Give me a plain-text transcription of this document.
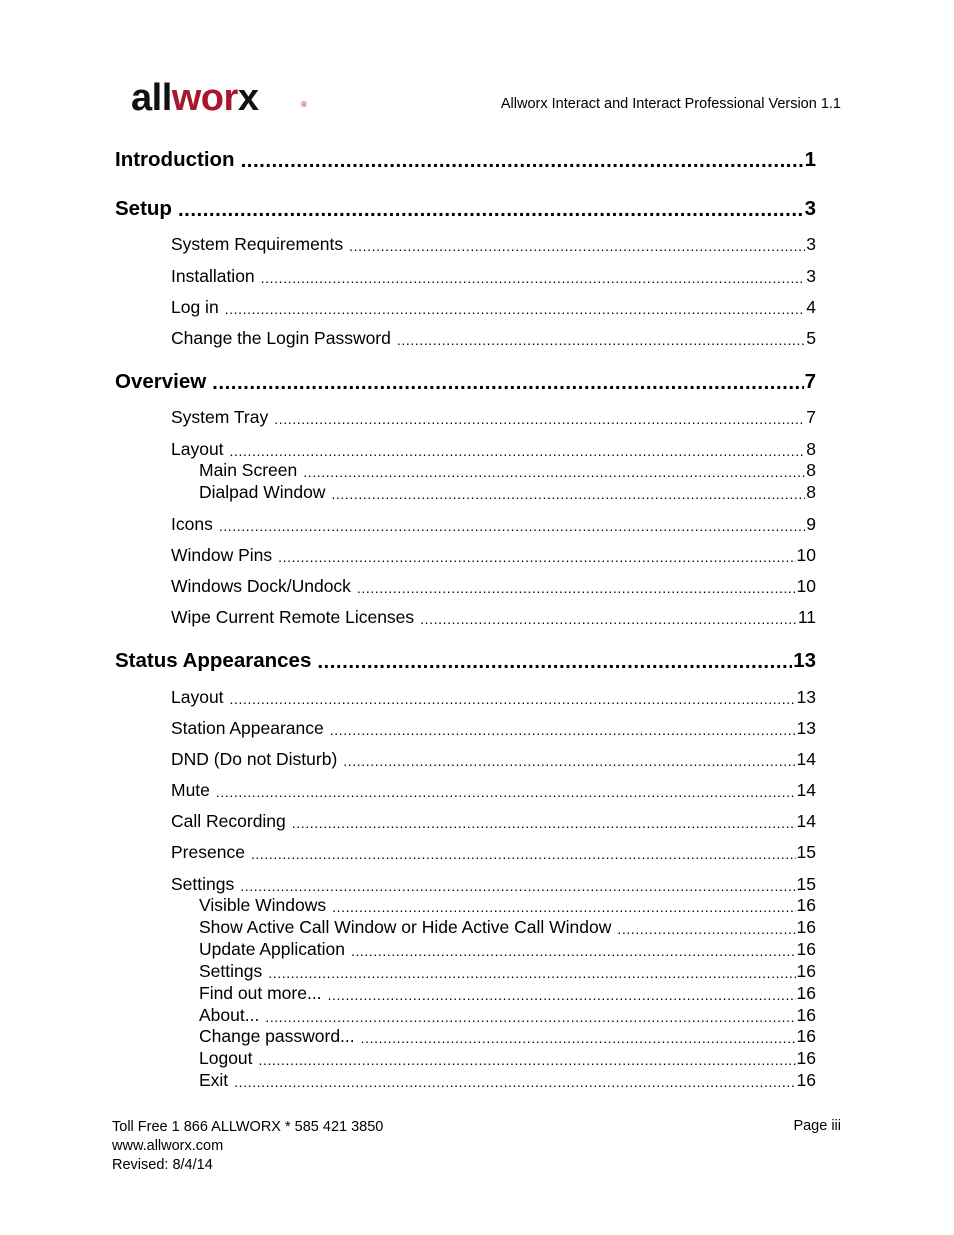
allworx	®	Allworx Interact and Interact Professional Version 1.1
Introduction .....	1
Setup .....	3
System Requirements .....	3
Installation .....	3
Log in .....	4
Change the Login Password .....	5
Overview .....	7
System Tray .....	7
Layout .....	8
Main Screen .....	8
Dialpad Window .....	8
Icons .....	9
Window Pins .....	10
Windows Dock/Undock .....	10
Wipe Current Remote Licenses .....	11
Status Appearances .....	13
Layout .....	13
Station Appearance .....	13
DND (Do not Disturb) .....	14
Mute .....	14
Call Recording .....	14
Presence .....	15
Settings .....	15
Visible Windows .....	16
Show Active Call Window or Hide Active Call Window .....	16
Update Application .....	16
Settings .....	16
Find out more... .....	16
About... .....	16
Change password... .....	16
Logout .....	16
Exit .....	16
Toll Free 1 866 ALLWORX * 585 421 3850
www.allworx.com
Revised: 8/4/14
Page iii
